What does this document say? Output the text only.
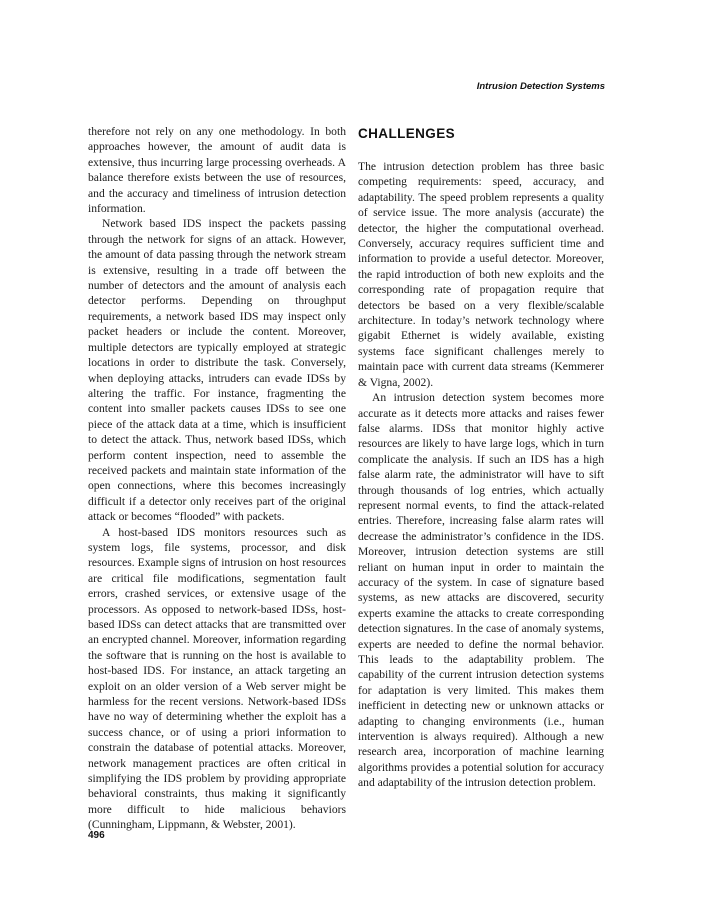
Intrusion Detection Systems

therefore not rely on any one methodology. In both approaches however, the amount of audit data is extensive, thus incurring large processing overheads. A balance therefore exists between the use of resources, and the accuracy and timeliness of intrusion detection information.

Network based IDS inspect the packets passing through the network for signs of an attack. However, the amount of data passing through the network stream is extensive, resulting in a trade off between the number of detectors and the amount of analysis each detector performs. Depending on throughput requirements, a network based IDS may inspect only packet headers or include the content. Moreover, multiple detectors are typically employed at strategic locations in order to distribute the task. Conversely, when deploying attacks, intruders can evade IDSs by altering the traffic. For instance, fragmenting the content into smaller packets causes IDSs to see one piece of the attack data at a time, which is insufficient to detect the attack. Thus, network based IDSs, which perform content inspection, need to assemble the received packets and maintain state information of the open connections, where this becomes increasingly difficult if a detector only receives part of the original attack or becomes “flooded” with packets.

A host-based IDS monitors resources such as system logs, file systems, processor, and disk resources. Example signs of intrusion on host resources are critical file modifications, segmentation fault errors, crashed services, or extensive usage of the processors. As opposed to network-based IDSs, host-based IDSs can detect attacks that are transmitted over an encrypted channel. Moreover, information regarding the software that is running on the host is available to host-based IDS. For instance, an attack targeting an exploit on an older version of a Web server might be harmless for the recent versions. Network-based IDSs have no way of determining whether the exploit has a success chance, or of using a priori information to constrain the database of potential attacks. Moreover, network management practices are often critical in simplifying the IDS problem by providing appropriate behavioral constraints, thus making it significantly more difficult to hide malicious behaviors (Cunningham, Lippmann, & Webster, 2001).

CHALLENGES

The intrusion detection problem has three basic competing requirements: speed, accuracy, and adaptability. The speed problem represents a quality of service issue. The more analysis (accurate) the detector, the higher the computational overhead. Conversely, accuracy requires sufficient time and information to provide a useful detector. Moreover, the rapid introduction of both new exploits and the corresponding rate of propagation require that detectors be based on a very flexible/scalable architecture. In today’s network technology where gigabit Ethernet is widely available, existing systems face significant challenges merely to maintain pace with current data streams (Kemmerer & Vigna, 2002).

An intrusion detection system becomes more accurate as it detects more attacks and raises fewer false alarms. IDSs that monitor highly active resources are likely to have large logs, which in turn complicate the analysis. If such an IDS has a high false alarm rate, the administrator will have to sift through thousands of log entries, which actually represent normal events, to find the attack-related entries. Therefore, increasing false alarm rates will decrease the administrator’s confidence in the IDS. Moreover, intrusion detection systems are still reliant on human input in order to maintain the accuracy of the system. In case of signature based systems, as new attacks are discovered, security experts examine the attacks to create corresponding detection signatures. In the case of anomaly systems, experts are needed to define the normal behavior. This leads to the adaptability problem. The capability of the current intrusion detection systems for adaptation is very limited. This makes them inefficient in detecting new or unknown attacks or adapting to changing environments (i.e., human intervention is always required). Although a new research area, incorporation of machine learning algorithms provides a potential solution for accuracy and adaptability of the intrusion detection problem.

496
